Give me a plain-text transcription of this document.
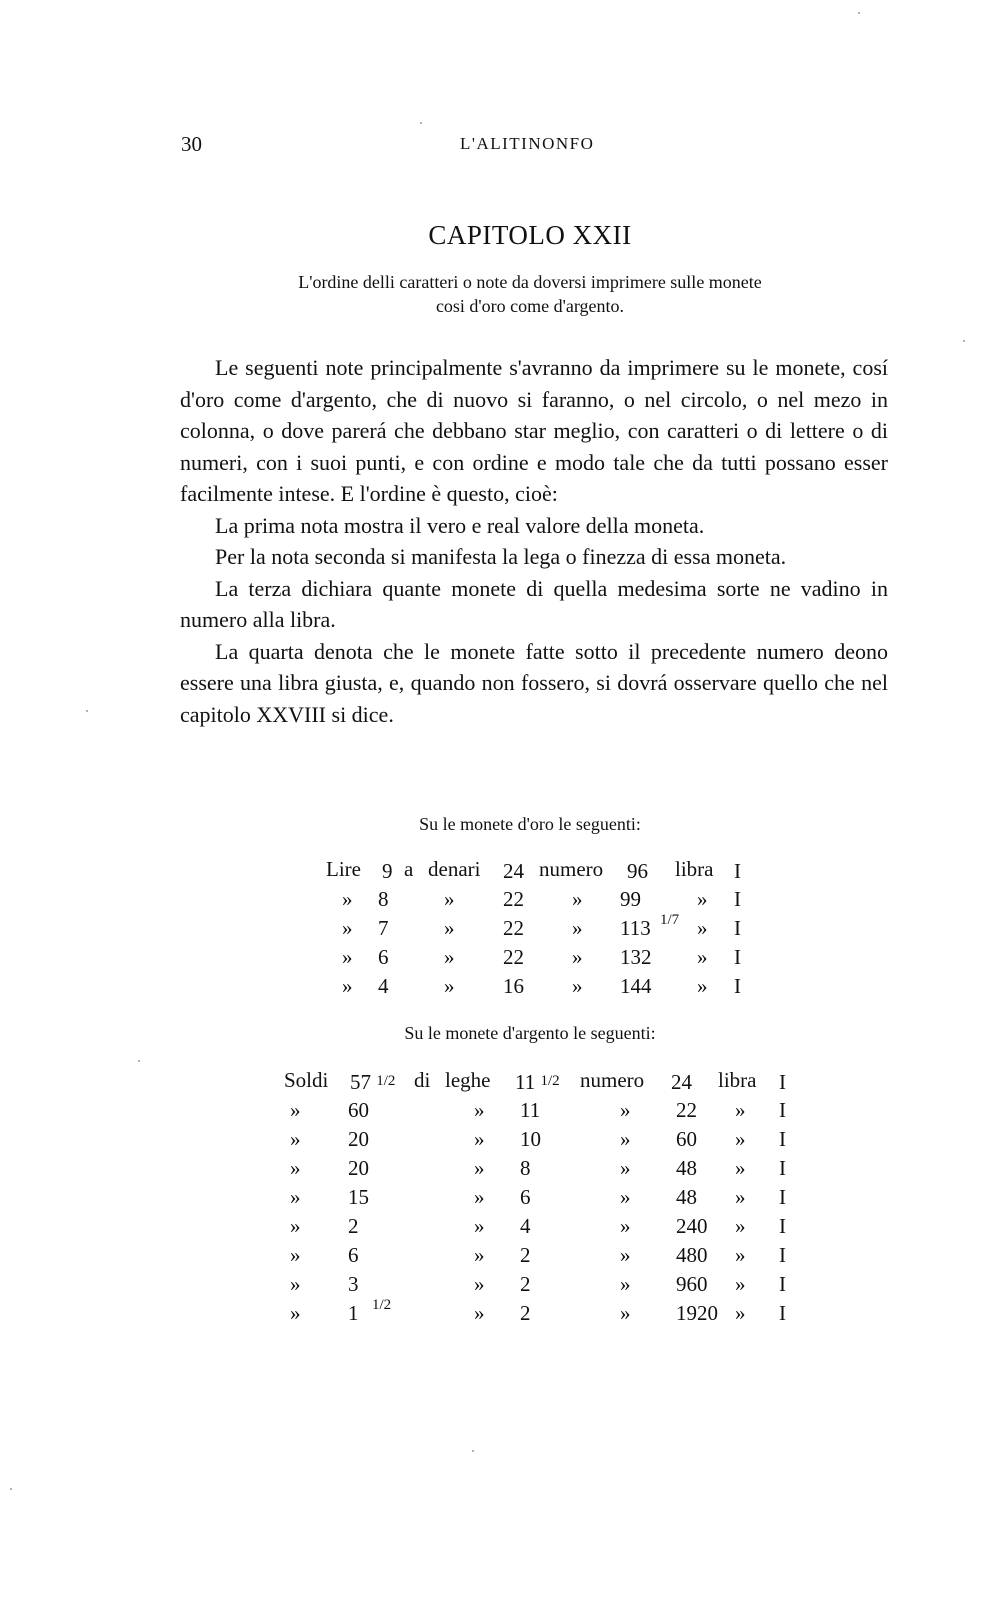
30	L'ALITINONFO
CAPITOLO XXII
L'ordine delli caratteri o note da doversi imprimere sulle monete
cosi d'oro come d'argento.

Le seguenti note principalmente s'avranno da imprimere su le monete, cosí d'oro come d'argento, che di nuovo si faranno, o nel circolo, o nel mezo in colonna, o dove parerá che debbano star meglio, con caratteri o di lettere o di numeri, con i suoi punti, e con ordine e modo tale che da tutti possano esser facilmente intese. E l'ordine è questo, cioè:

La prima nota mostra il vero e real valore della moneta.

Per la nota seconda si manifesta la lega o finezza di essa moneta.

La terza dichiara quante monete di quella medesima sorte ne vadino in numero alla libra.

La quarta denota che le monete fatte sotto il precedente numero deono essere una libra giusta, e, quando non fossero, si dovrá osservare quello che nel capitolo XXVIII si dice.

Su le monete d'oro le seguenti:
Lire 9 a denari 24 numero 96 libra I
» 8	» 22 » 99	» I
» 7	» 22 » 113 1/7 » I
» 6	» 22 » 132 » I
» 4	» 16 » 144 » I
Su le monete d'argento le seguenti:
Soldi 57 1/2 di leghe 11 1/2 numero 24 libra I
» 60	» 11	» 22 » I
» 20	» 10	» 60 » I
» 20	» 8	» 48 » I
» 15	» 6	» 48 » I
» 2	» 4	» 240 » I
» 6	» 2	» 480 » I
» 3	» 2	» 960 » I
» 1 1/2	» 2	» 1920 » I
